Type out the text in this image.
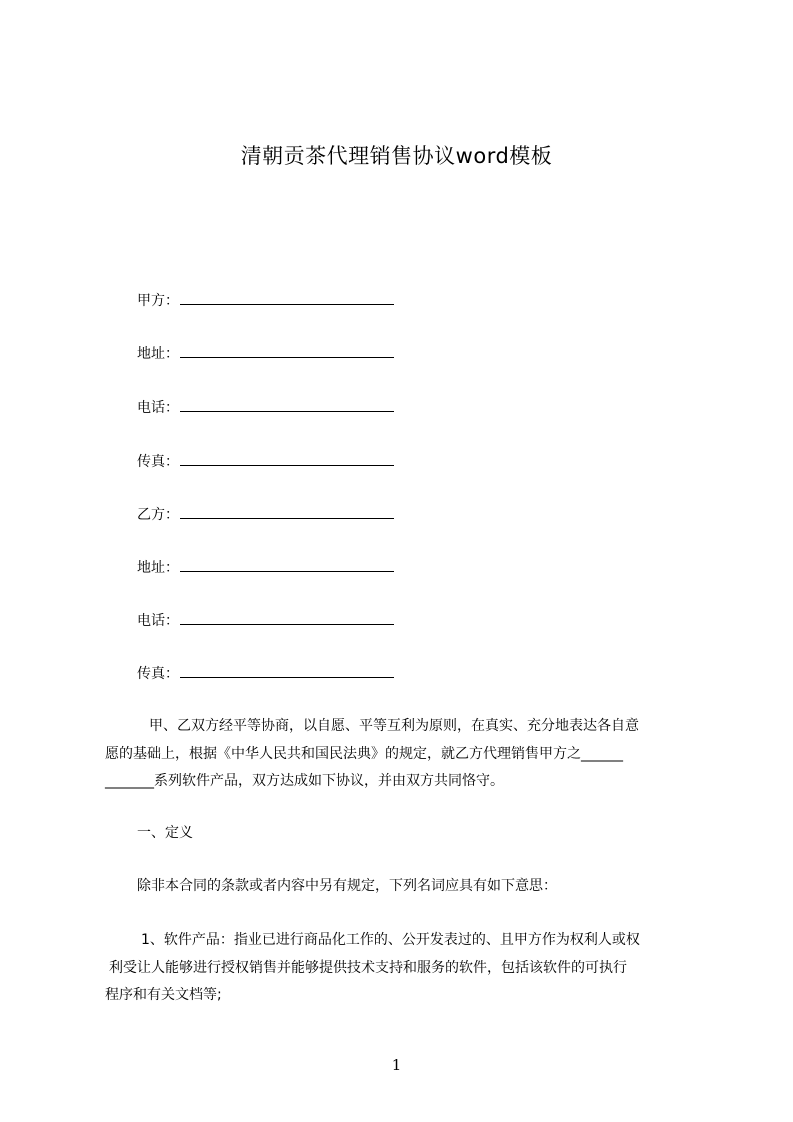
清朝贡茶代理销售协议word模板
甲方：
地址：
电话：
传真：
乙方：
地址：
电话：
传真：
甲、乙双方经平等协商，以自愿、平等互利为原则，在真实、充分地表达各自意
愿的基础上，根据《中华人民共和国民法典》的规定，就乙方代理销售甲方之______
_______系列软件产品，双方达成如下协议，并由双方共同恪守。
一、定义
除非本合同的条款或者内容中另有规定，下列名词应具有如下意思：
1、软件产品：指业已进行商品化工作的、公开发表过的、且甲方作为权利人或权
利受让人能够进行授权销售并能够提供技术支持和服务的软件，包括该软件的可执行
程序和有关文档等;
1
